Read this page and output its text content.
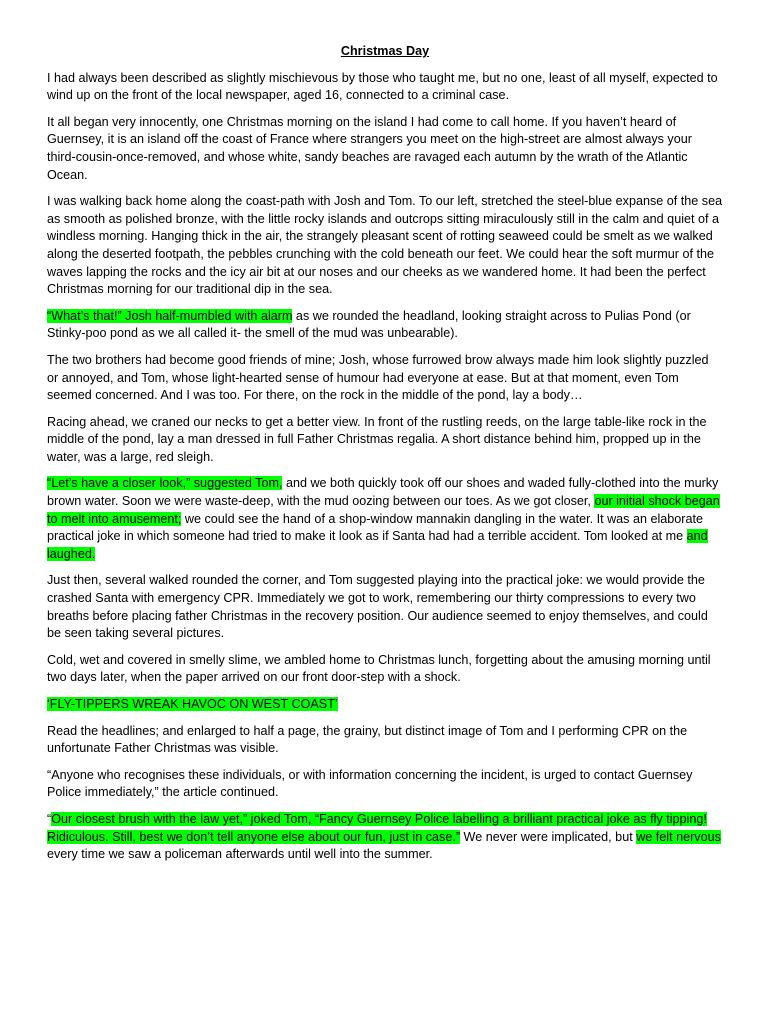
Christmas Day

I had always been described as slightly mischievous by those who taught me, but no one, least of all myself, expected to wind up on the front of the local newspaper, aged 16, connected to a criminal case.

It all began very innocently, one Christmas morning on the island I had come to call home. If you haven’t heard of Guernsey, it is an island off the coast of France where strangers you meet on the high-street are almost always your third-cousin-once-removed, and whose white, sandy beaches are ravaged each autumn by the wrath of the Atlantic Ocean.

I was walking back home along the coast-path with Josh and Tom. To our left, stretched the steel-blue expanse of the sea as smooth as polished bronze, with the little rocky islands and outcrops sitting miraculously still in the calm and quiet of a windless morning. Hanging thick in the air, the strangely pleasant scent of rotting seaweed could be smelt as we walked along the deserted footpath, the pebbles crunching with the cold beneath our feet. We could hear the soft murmur of the waves lapping the rocks and the icy air bit at our noses and our cheeks as we wandered home. It had been the perfect Christmas morning for our traditional dip in the sea.

“What’s that!” Josh half-mumbled with alarm as we rounded the headland, looking straight across to Pulias Pond (or Stinky-poo pond as we all called it- the smell of the mud was unbearable).

The two brothers had become good friends of mine; Josh, whose furrowed brow always made him look slightly puzzled or annoyed, and Tom, whose light-hearted sense of humour had everyone at ease. But at that moment, even Tom seemed concerned. And I was too. For there, on the rock in the middle of the pond, lay a body…

Racing ahead, we craned our necks to get a better view. In front of the rustling reeds, on the large table-like rock in the middle of the pond, lay a man dressed in full Father Christmas regalia. A short distance behind him, propped up in the water, was a large, red sleigh.

“Let’s have a closer look,” suggested Tom, and we both quickly took off our shoes and waded fully-clothed into the murky brown water. Soon we were waste-deep, with the mud oozing between our toes. As we got closer, our initial shock began to melt into amusement; we could see the hand of a shop-window mannakin dangling in the water. It was an elaborate practical joke in which someone had tried to make it look as if Santa had had a terrible accident. Tom looked at me and laughed.

Just then, several walked rounded the corner, and Tom suggested playing into the practical joke: we would provide the crashed Santa with emergency CPR. Immediately we got to work, remembering our thirty compressions to every two breaths before placing father Christmas in the recovery position. Our audience seemed to enjoy themselves, and could be seen taking several pictures.

Cold, wet and covered in smelly slime, we ambled home to Christmas lunch, forgetting about the amusing morning until two days later, when the paper arrived on our front door-step with a shock.

‘FLY-TIPPERS WREAK HAVOC ON WEST COAST’

Read the headlines; and enlarged to half a page, the grainy, but distinct image of Tom and I performing CPR on the unfortunate Father Christmas was visible.

“Anyone who recognises these individuals, or with information concerning the incident, is urged to contact Guernsey Police immediately,” the article continued.

“Our closest brush with the law yet,” joked Tom, “Fancy Guernsey Police labelling a brilliant practical joke as fly tipping! Ridiculous. Still, best we don’t tell anyone else about our fun, just in case.” We never were implicated, but we felt nervous every time we saw a policeman afterwards until well into the summer.
